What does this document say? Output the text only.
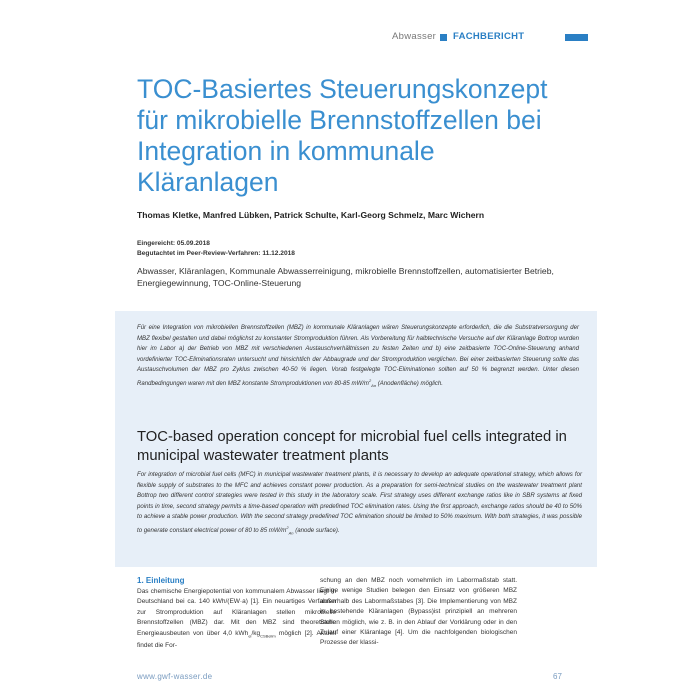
Abwasser FACHBERICHT
TOC-Basiertes Steuerungskonzept für mikrobielle Brennstoffzellen bei Integration in kommunale Kläranlagen
Thomas Kletke, Manfred Lübken, Patrick Schulte, Karl-Georg Schmelz, Marc Wichern
Eingereicht: 05.09.2018
Begutachtet im Peer-Review-Verfahren: 11.12.2018
Abwasser, Kläranlagen, Kommunale Abwasserreinigung, mikrobielle Brennstoffzellen, automatisierter Betrieb, Energiegewinnung, TOC-Online-Steuerung
Für eine Integration von mikrobiellen Brennstoffzellen (MBZ) in kommunale Kläranlagen wären Steuerungskonzepte erforderlich, die die Substratversorgung der MBZ flexibel gestalten und dabei möglichst zu konstanter Stromproduktion führen. Als Vorbereitung für halbtechnische Versuche auf der Kläranlage Bottrop wurden hier im Labor a) der Betrieb von MBZ mit verschiedenen Austauschverhältnissen zu festen Zeiten und b) eine zeitbasierte TOC-Online-Steuerung anhand vordefinierter TOC-Eliminationsraten untersucht und hinsichtlich der Abbaugrade und der Stromproduktion verglichen. Bei einer zeitbasierten Steuerung sollte das Austauschvolumen der MBZ pro Zyklus zwischen 40-50 % liegen. Vorab festgelegte TOC-Eliminationen sollten auf 50 % begrenzt werden. Unter diesen Randbedingungen waren mit den MBZ konstante Stromproduktionen von 80-85 $mW/m^2_{An}$ (Anodenfläche) möglich.
TOC-based operation concept for microbial fuel cells integrated in municipal wastewater treatment plants
For integration of microbial fuel cells (MFC) in municipal wastewater treatment plants, it is necessary to develop an adequate operational strategy, which allows for flexible supply of substrates to the MFC and achieves constant power production. As a preparation for semi-technical studies on the wastewater treatment plant Bottrop two different control strategies were tested in this study in the laboratory scale. First strategy uses different exchange ratios like in SBR systems at fixed points in time, second strategy permits a time-based operation with predefined TOC elimination rates. Using the first approach, exchange ratios should be 40 to 50% to achieve a stable power production. With the second strategy predefined TOC elimination should be limited to 50% maximum. With both strategies, it was possible to generate constant electrical power of 80 to 85 $mW/m^2_{An}$ (anode surface).
1. Einleitung
Das chemische Energiepotential von kommunalem Abwasser liegt in Deutschland bei ca. 140 kWh/(EW·a) [1]. Ein neuartiges Verfahren zur Stromproduktion auf Kläranlagen stellen mikrobielle Brennstoffzellen (MBZ) dar. Mit den MBZ sind theoretische Energieausbeuten von über 4,0 $kWh_{el}/kg_{CSBelim}$ möglich [2]. Aktuell findet die For-
schung an den MBZ noch vornehmlich im Labormaßstab statt. Einige wenige Studien belegen den Einsatz von größeren MBZ außerhalb des Labormaßstabes [3]. Die Implementierung von MBZ in bestehende Kläranlagen (Bypass)ist prinzipiell an mehreren Stellen möglich, wie z. B. in den Ablauf der Vorklärung oder in den Zulauf einer Kläranlage [4]. Um die nachfolgenden biologischen Prozesse der klassi-
www.gwf-wasser.de	67
